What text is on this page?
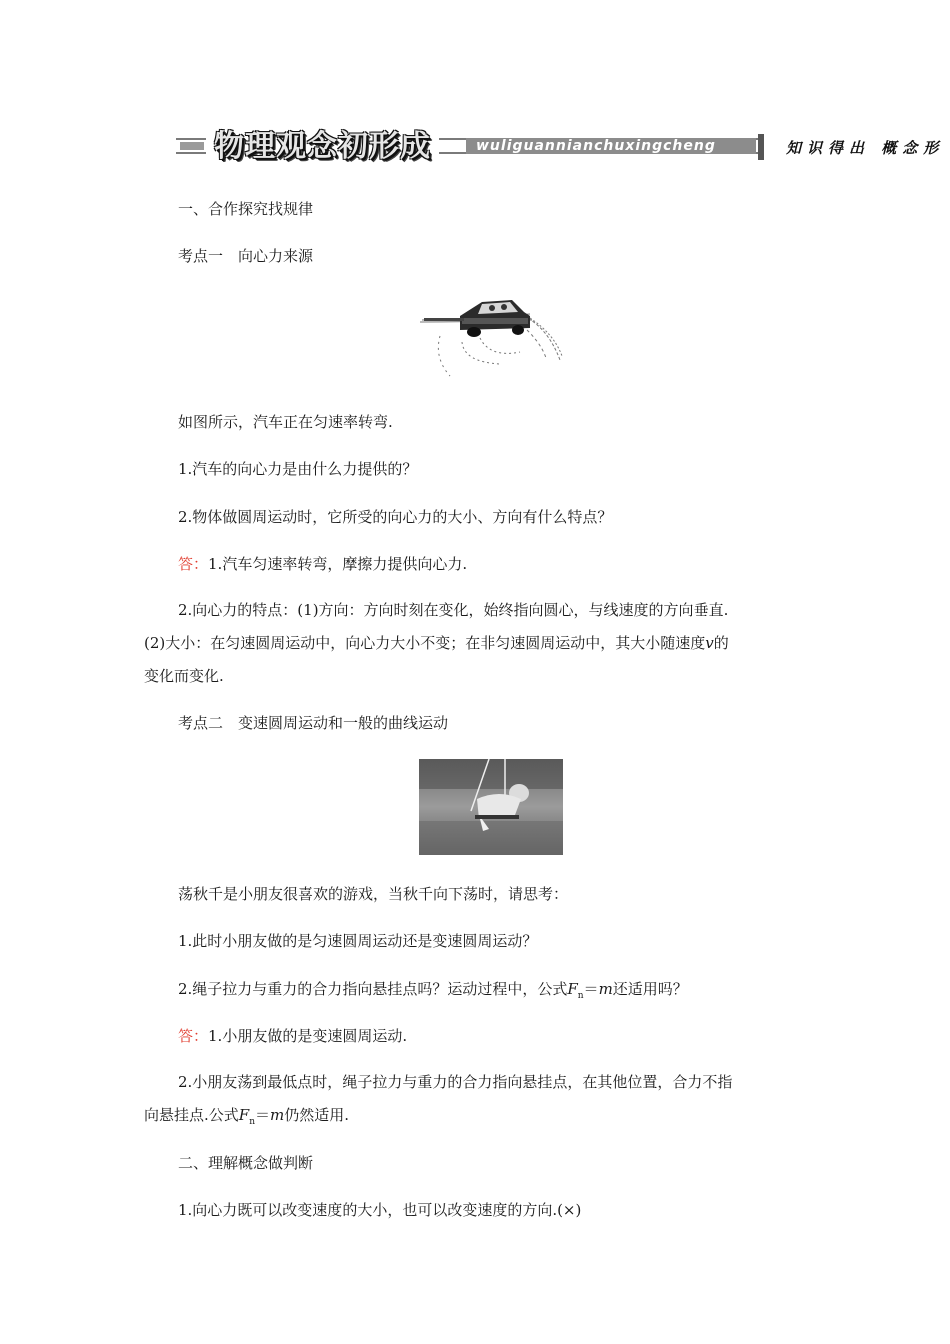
wuliguannianchuxingcheng
物理观念初形成	知识得出 概念形
一、合作探究找规律
考点一　向心力来源
如图所示，汽车正在匀速率转弯.
1.汽车的向心力是由什么力提供的？
2.物体做圆周运动时，它所受的向心力的大小、方向有什么特点？
答：1.汽车匀速率转弯，摩擦力提供向心力.
2.向心力的特点：(1)方向：方向时刻在变化，始终指向圆心，与线速度的方向垂直.
(2)大小：在匀速圆周运动中，向心力大小不变；在非匀速圆周运动中，其大小随速度v的
变化而变化.
考点二　变速圆周运动和一般的曲线运动
荡秋千是小朋友很喜欢的游戏，当秋千向下荡时，请思考：
1.此时小朋友做的是匀速圆周运动还是变速圆周运动？
2.绳子拉力与重力的合力指向悬挂点吗？运动过程中，公式$F_n=m$还适用吗？
答：1.小朋友做的是变速圆周运动.
2.小朋友荡到最低点时，绳子拉力与重力的合力指向悬挂点，在其他位置，合力不指
向悬挂点.公式$F_n=m$仍然适用.
二、理解概念做判断
1.向心力既可以改变速度的大小，也可以改变速度的方向.(×)
